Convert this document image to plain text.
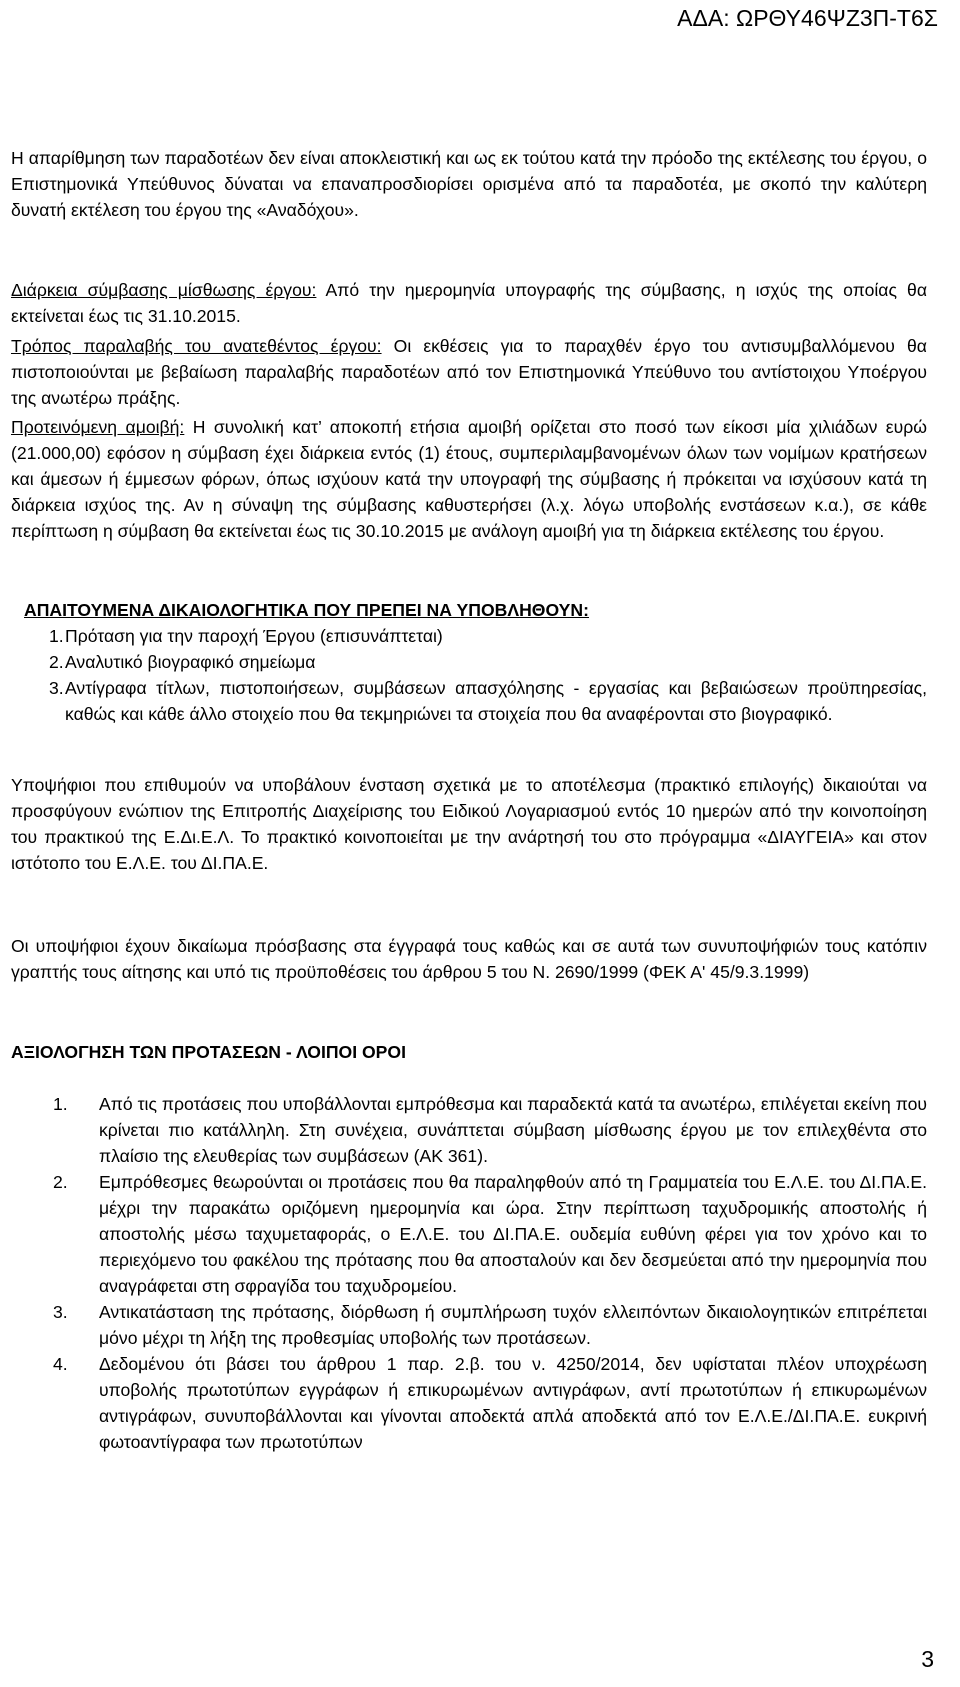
ΑΔΑ: ΩΡΘΥ46ΨΖ3Π-Τ6Σ
Η απαρίθμηση των παραδοτέων δεν είναι αποκλειστική και ως εκ τούτου κατά την πρόοδο της εκτέλεσης του έργου, ο Επιστημονικά Υπεύθυνος δύναται να επαναπροσδιορίσει ορισμένα από τα παραδοτέα, με σκοπό την καλύτερη δυνατή εκτέλεση του έργου της «Αναδόχου».
Διάρκεια σύμβασης μίσθωσης έργου: Από την ημερομηνία υπογραφής της σύμβασης, η ισχύς της οποίας θα εκτείνεται έως τις 31.10.2015.
Τρόπος παραλαβής του ανατεθέντος έργου: Οι εκθέσεις για το παραχθέν έργο του αντισυμβαλλόμενου θα πιστοποιούνται με βεβαίωση παραλαβής παραδοτέων από τον Επιστημονικά Υπεύθυνο του αντίστοιχου Υποέργου της ανωτέρω πράξης.
Προτεινόμενη αμοιβή: Η συνολική κατ’ αποκοπή ετήσια αμοιβή ορίζεται στο ποσό των είκοσι μία χιλιάδων ευρώ (21.000,00) εφόσον η σύμβαση έχει διάρκεια εντός (1) έτους, συμπεριλαμβανομένων όλων των νομίμων κρατήσεων και άμεσων ή έμμεσων φόρων, όπως ισχύουν κατά την υπογραφή της σύμβασης ή πρόκειται να ισχύσουν κατά τη διάρκεια ισχύος της. Αν η σύναψη της σύμβασης καθυστερήσει (λ.χ. λόγω υποβολής ενστάσεων κ.α.), σε κάθε περίπτωση η σύμβαση θα εκτείνεται έως τις 30.10.2015 με ανάλογη αμοιβή για τη διάρκεια εκτέλεσης του έργου.
ΑΠΑΙΤΟΥΜΕΝΑ ΔΙΚΑΙΟΛΟΓΗΤΙΚΑ ΠΟΥ ΠΡΕΠΕΙ ΝΑ ΥΠΟΒΛΗΘΟΥΝ:
1. Πρόταση για την παροχή Έργου (επισυνάπτεται)
2. Αναλυτικό βιογραφικό σημείωμα
3. Αντίγραφα τίτλων, πιστοποιήσεων, συμβάσεων απασχόλησης - εργασίας και βεβαιώσεων προϋπηρεσίας, καθώς και κάθε άλλο στοιχείο που θα τεκμηριώνει τα στοιχεία που θα αναφέρονται στο βιογραφικό.
Υποψήφιοι που επιθυμούν να υποβάλουν ένσταση σχετικά με το αποτέλεσμα (πρακτικό επιλογής) δικαιούται να προσφύγουν ενώπιον της Επιτροπής Διαχείρισης του Ειδικού Λογαριασμού εντός 10 ημερών από την κοινοποίηση του πρακτικού της Ε.Δι.Ε.Λ. Το πρακτικό κοινοποιείται με την ανάρτησή του στο πρόγραμμα «ΔΙΑΥΓΕΙΑ» και στον ιστότοπο του Ε.Λ.Ε. του ΔΙ.ΠΑ.Ε.
Οι υποψήφιοι έχουν δικαίωμα πρόσβασης στα έγγραφά τους καθώς και σε αυτά των συνυποψήφιών τους κατόπιν γραπτής τους αίτησης και υπό τις προϋποθέσεις του άρθρου 5 του Ν. 2690/1999 (ΦΕΚ Α' 45/9.3.1999)
ΑΞΙΟΛΟΓΗΣΗ ΤΩΝ ΠΡΟΤΑΣΕΩΝ - ΛΟΙΠΟΙ ΟΡΟΙ
1. Από τις προτάσεις που υποβάλλονται εμπρόθεσμα και παραδεκτά κατά τα ανωτέρω, επιλέγεται εκείνη που κρίνεται πιο κατάλληλη. Στη συνέχεια, συνάπτεται σύμβαση μίσθωσης έργου με τον επιλεχθέντα στο πλαίσιο της ελευθερίας των συμβάσεων (ΑΚ 361).
2. Εμπρόθεσμες θεωρούνται οι προτάσεις που θα παραληφθούν από τη Γραμματεία του Ε.Λ.Ε. του ΔΙ.ΠΑ.Ε. μέχρι την παρακάτω οριζόμενη ημερομηνία και ώρα. Στην περίπτωση ταχυδρομικής αποστολής ή αποστολής μέσω ταχυμεταφοράς, ο Ε.Λ.Ε. του ΔΙ.ΠΑ.Ε. ουδεμία ευθύνη φέρει για τον χρόνο και το περιεχόμενο του φακέλου της πρότασης που θα αποσταλούν και δεν δεσμεύεται από την ημερομηνία που αναγράφεται στη σφραγίδα του ταχυδρομείου.
3. Αντικατάσταση της πρότασης, διόρθωση ή συμπλήρωση τυχόν ελλειπόντων δικαιολογητικών επιτρέπεται μόνο μέχρι τη λήξη της προθεσμίας υποβολής των προτάσεων.
4. Δεδομένου ότι βάσει του άρθρου 1 παρ. 2.β. του ν. 4250/2014, δεν υφίσταται πλέον υποχρέωση υποβολής πρωτοτύπων εγγράφων ή επικυρωμένων αντιγράφων, αντί πρωτοτύπων ή επικυρωμένων αντιγράφων, συνυποβάλλονται και γίνονται αποδεκτά απλά αποδεκτά από τον Ε.Λ.Ε./ΔΙ.ΠΑ.Ε. ευκρινή φωτοαντίγραφα των πρωτοτύπων
3
